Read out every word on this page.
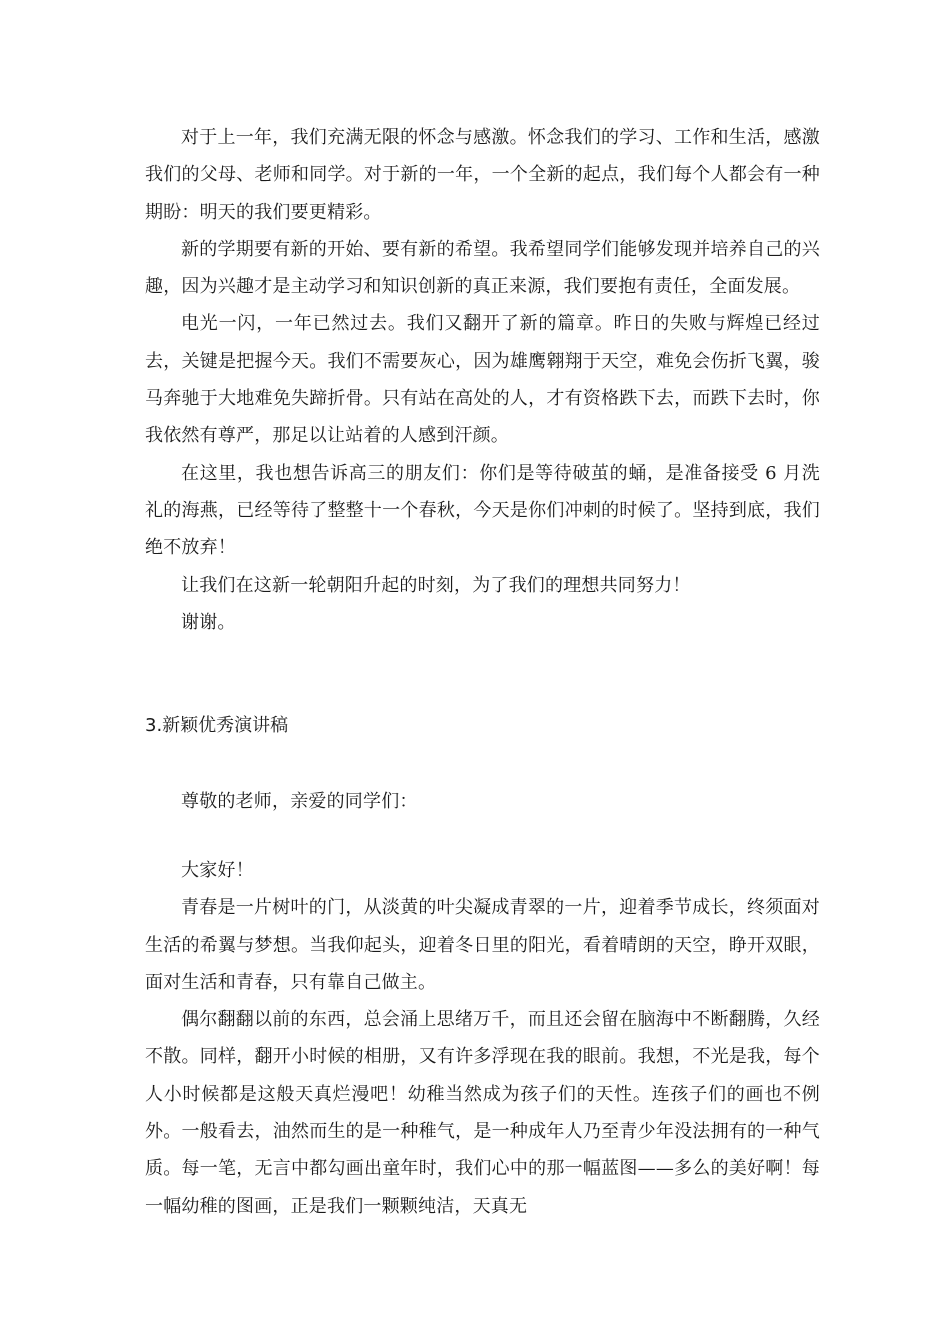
对于上一年，我们充满无限的怀念与感激。怀念我们的学习、工作和生活，感激我们的父母、老师和同学。对于新的一年，一个全新的起点，我们每个人都会有一种期盼：明天的我们要更精彩。

新的学期要有新的开始、要有新的希望。我希望同学们能够发现并培养自己的兴趣，因为兴趣才是主动学习和知识创新的真正来源，我们要抱有责任，全面发展。

电光一闪，一年已然过去。我们又翻开了新的篇章。昨日的失败与辉煌已经过去，关键是把握今天。我们不需要灰心，因为雄鹰翱翔于天空，难免会伤折飞翼，骏马奔驰于大地难免失蹄折骨。只有站在高处的人，才有资格跌下去，而跌下去时，你我依然有尊严，那足以让站着的人感到汗颜。

在这里，我也想告诉高三的朋友们：你们是等待破茧的蛹，是准备接受 6 月洗礼的海燕，已经等待了整整十一个春秋，今天是你们冲刺的时候了。坚持到底，我们绝不放弃！

让我们在这新一轮朝阳升起的时刻，为了我们的理想共同努力！

谢谢。

3.新颖优秀演讲稿

尊敬的老师，亲爱的同学们：

大家好！

青春是一片树叶的门，从淡黄的叶尖凝成青翠的一片，迎着季节成长，终须面对生活的希翼与梦想。当我仰起头，迎着冬日里的阳光，看着晴朗的天空，睁开双眼，面对生活和青春，只有靠自己做主。

偶尔翻翻以前的东西，总会涌上思绪万千，而且还会留在脑海中不断翻腾，久经不散。同样，翻开小时候的相册，又有许多浮现在我的眼前。我想，不光是我，每个人小时候都是这般天真烂漫吧！幼稚当然成为孩子们的天性。连孩子们的画也不例外。一般看去，油然而生的是一种稚气，是一种成年人乃至青少年没法拥有的一种气质。每一笔，无言中都勾画出童年时，我们心中的那一幅蓝图——多么的美好啊！每一幅幼稚的图画，正是我们一颗颗纯洁，天真无
